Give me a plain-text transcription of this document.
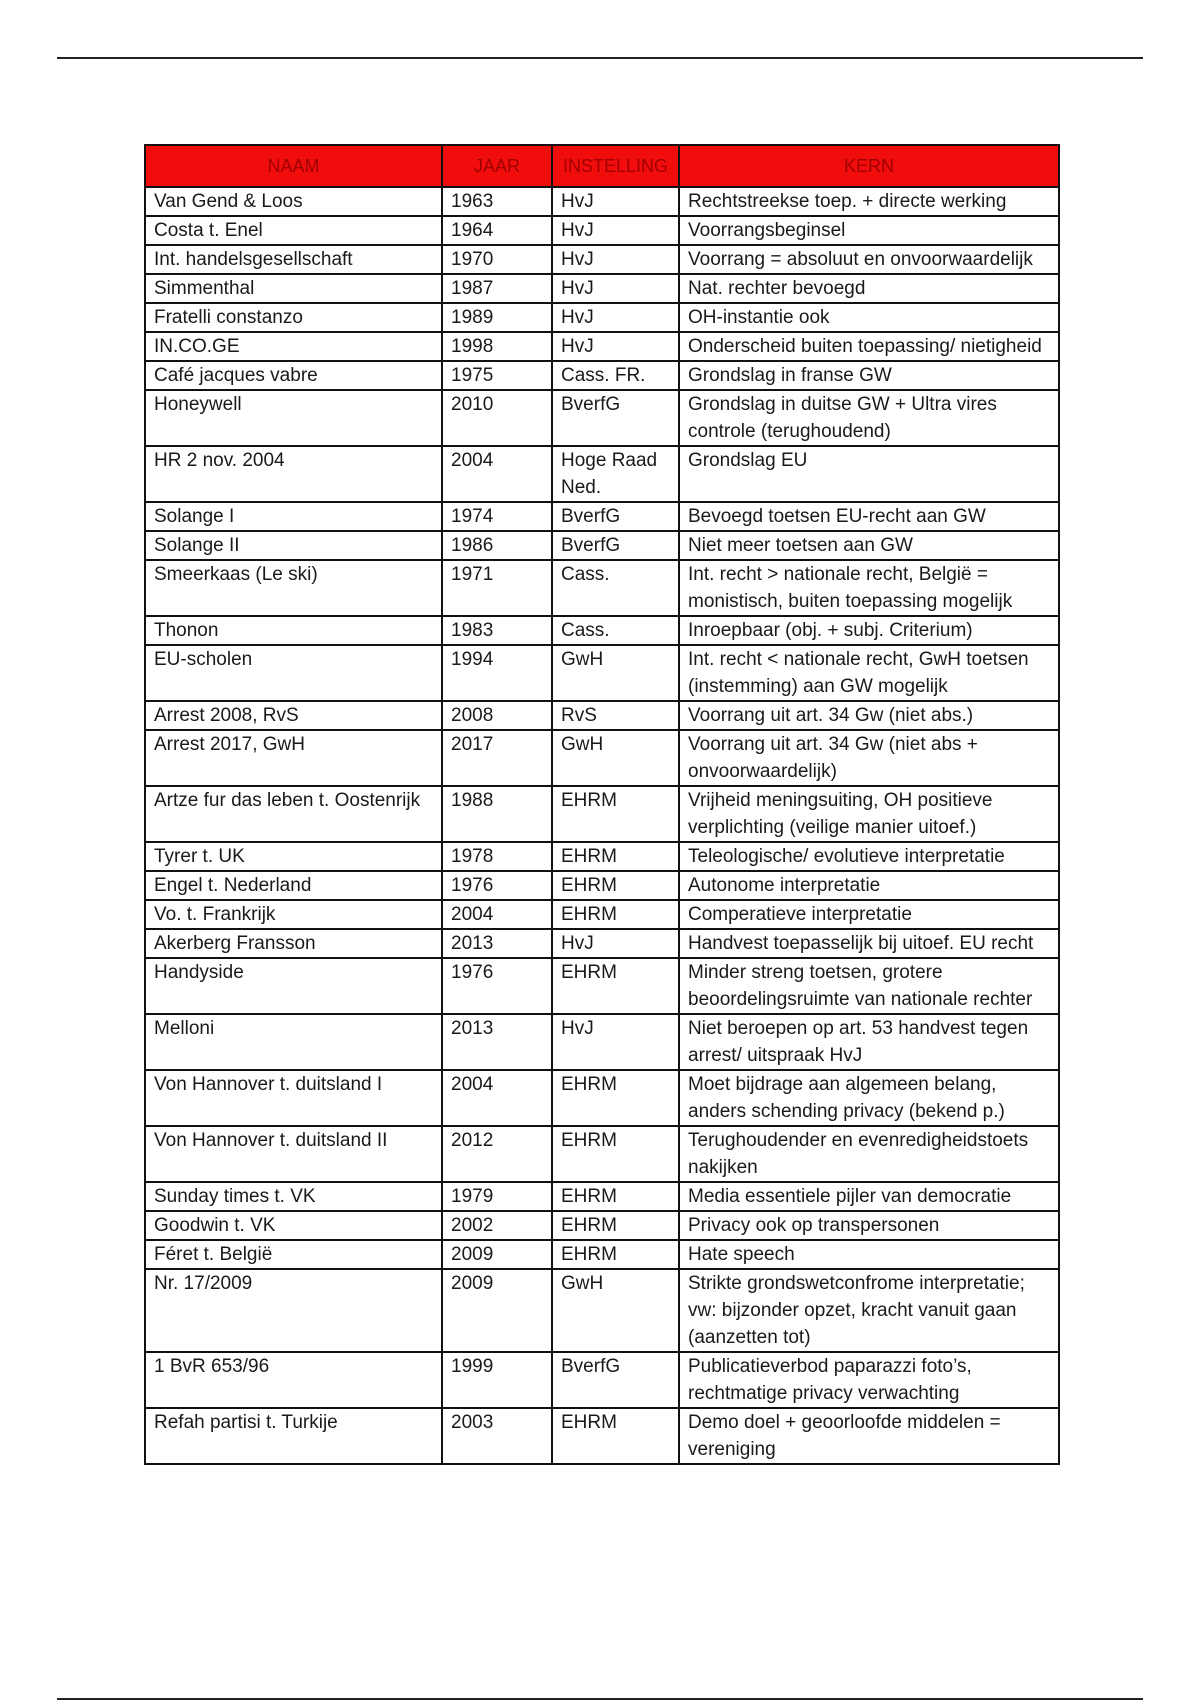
NAAM	JAAR	INSTELLING	KERN
Van Gend & Loos	1963	HvJ	Rechtstreekse toep. + directe werking
Costa t. Enel	1964	HvJ	Voorrangsbeginsel
Int. handelsgesellschaft	1970	HvJ	Voorrang = absoluut en onvoorwaardelijk
Simmenthal	1987	HvJ	Nat. rechter bevoegd
Fratelli constanzo	1989	HvJ	OH-instantie ook
IN.CO.GE	1998	HvJ	Onderscheid buiten toepassing/ nietigheid
Café jacques vabre	1975	Cass. FR.	Grondslag in franse GW
Honeywell	2010	BverfG	Grondslag in duitse GW + Ultra vires controle (terughoudend)
HR 2 nov. 2004	2004	Hoge Raad Ned.	Grondslag EU
Solange I	1974	BverfG	Bevoegd toetsen EU-recht aan GW
Solange II	1986	BverfG	Niet meer toetsen aan GW
Smeerkaas (Le ski)	1971	Cass.	Int. recht > nationale recht, België = monistisch, buiten toepassing mogelijk
Thonon	1983	Cass.	Inroepbaar (obj. + subj. Criterium)
EU-scholen	1994	GwH	Int. recht < nationale recht, GwH toetsen (instemming) aan GW mogelijk
Arrest 2008, RvS	2008	RvS	Voorrang uit art. 34 Gw (niet abs.)
Arrest 2017, GwH	2017	GwH	Voorrang uit art. 34 Gw (niet abs + onvoorwaardelijk)
Artze fur das leben t. Oostenrijk	1988	EHRM	Vrijheid meningsuiting, OH positieve verplichting (veilige manier uitoef.)
Tyrer t. UK	1978	EHRM	Teleologische/ evolutieve interpretatie
Engel t. Nederland	1976	EHRM	Autonome interpretatie
Vo. t. Frankrijk	2004	EHRM	Comperatieve interpretatie
Akerberg Fransson	2013	HvJ	Handvest toepasselijk bij uitoef. EU recht
Handyside	1976	EHRM	Minder streng toetsen, grotere beoordelingsruimte van nationale rechter
Melloni	2013	HvJ	Niet beroepen op art. 53 handvest tegen arrest/ uitspraak HvJ
Von Hannover t. duitsland I	2004	EHRM	Moet bijdrage aan algemeen belang, anders schending privacy (bekend p.)
Von Hannover t. duitsland II	2012	EHRM	Terughoudender en evenredigheidstoets nakijken
Sunday times t. VK	1979	EHRM	Media essentiele pijler van democratie
Goodwin t. VK	2002	EHRM	Privacy ook op transpersonen
Féret t. België	2009	EHRM	Hate speech
Nr. 17/2009	2009	GwH	Strikte grondswetconfrome interpretatie; vw: bijzonder opzet, kracht vanuit gaan (aanzetten tot)
1 BvR 653/96	1999	BverfG	Publicatieverbod paparazzi foto’s, rechtmatige privacy verwachting
Refah partisi t. Turkije	2003	EHRM	Demo doel + geoorloofde middelen = vereniging
